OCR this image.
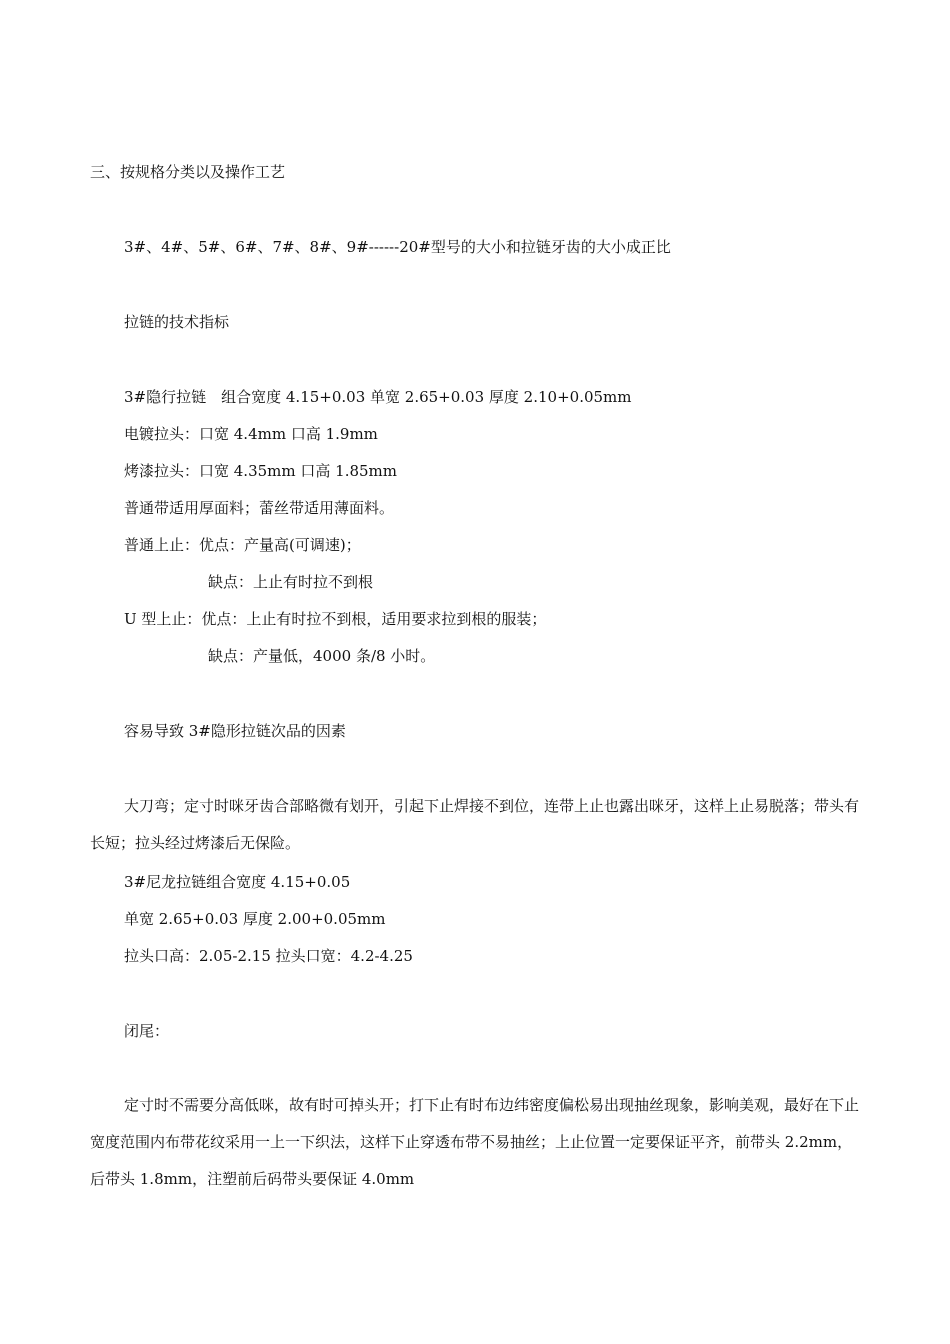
三、按规格分类以及操作工艺
3#、4#、5#、6#、7#、8#、9#------20#型号的大小和拉链牙齿的大小成正比
拉链的技术指标
3#隐行拉链　组合宽度 4.15+0.03 单宽 2.65+0.03 厚度 2.10+0.05mm
电镀拉头：口宽 4.4mm 口高 1.9mm
烤漆拉头：口宽 4.35mm 口高 1.85mm
普通带适用厚面料；蕾丝带适用薄面料。
普通上止：优点：产量高(可调速)；
缺点：上止有时拉不到根
U 型上止：优点：上止有时拉不到根，适用要求拉到根的服装；
缺点：产量低，4000 条/8 小时。
容易导致 3#隐形拉链次品的因素
大刀弯；定寸时咪牙齿合部略微有划开，引起下止焊接不到位，连带上止也露出咪牙，这样上止易脱落；带头有长短；拉头经过烤漆后无保险。
3#尼龙拉链组合宽度 4.15+0.05
单宽 2.65+0.03 厚度 2.00+0.05mm
拉头口高：2.05-2.15 拉头口宽：4.2-4.25
闭尾：
定寸时不需要分高低咪，故有时可掉头开；打下止有时布边纬密度偏松易出现抽丝现象，影响美观，最好在下止宽度范围内布带花纹采用一上一下织法，这样下止穿透布带不易抽丝；上止位置一定要保证平齐，前带头 2.2mm，后带头 1.8mm，注塑前后码带头要保证 4.0mm
